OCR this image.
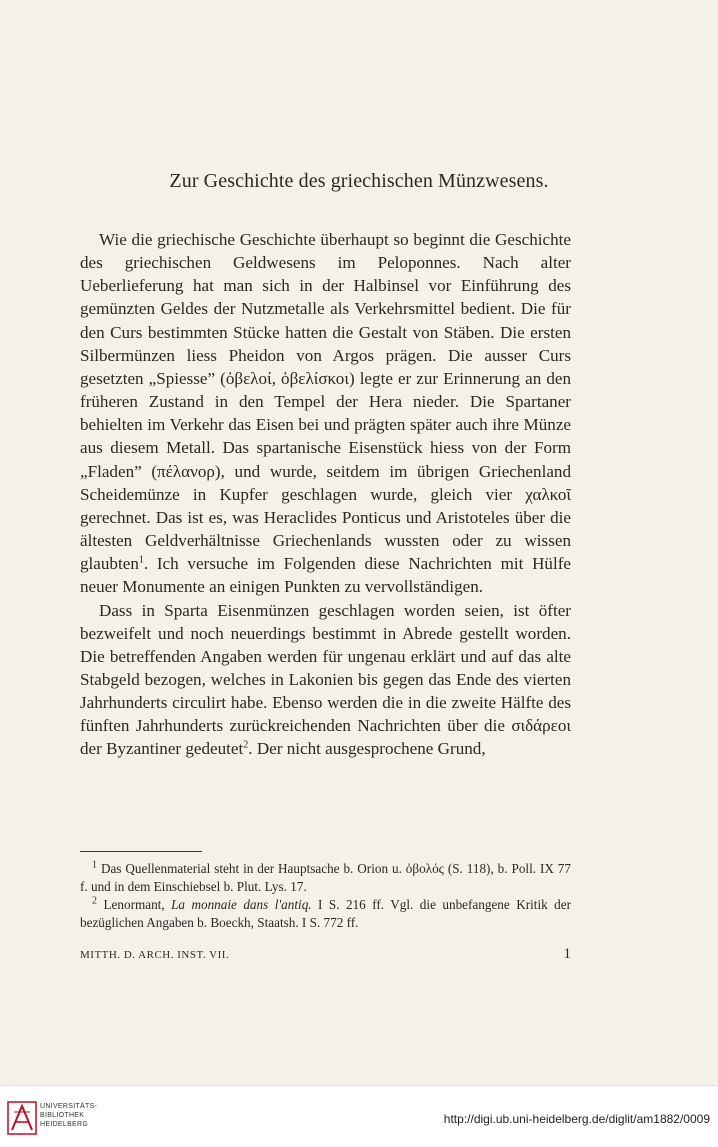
Zur Geschichte des griechischen Münzwesens.

Wie die griechische Geschichte überhaupt so beginnt die Geschichte des griechischen Geldwesens im Peloponnes. Nach alter Ueberlieferung hat man sich in der Halbinsel vor Einführung des gemünzten Geldes der Nutzmetalle als Verkehrsmittel bedient. Die für den Curs bestimmten Stücke hatten die Gestalt von Stäben. Die ersten Silbermünzen liess Pheidon von Argos prägen. Die ausser Curs gesetzten „Spiesse” (ὀβελοί, ὀβελίσκοι) legte er zur Erinnerung an den früheren Zustand in den Tempel der Hera nieder. Die Spartaner behielten im Verkehr das Eisen bei und prägten später auch ihre Münze aus diesem Metall. Das spartanische Eisenstück hiess von der Form „Fladen” (πέλανορ), und wurde, seitdem im übrigen Griechenland Scheidemünze in Kupfer geschlagen wurde, gleich vier χαλκοῖ gerechnet. Das ist es, was Heraclides Ponticus und Aristoteles über die ältesten Geldverhältnisse Griechenlands wussten oder zu wissen glaubten$^1$. Ich versuche im Folgenden diese Nachrichten mit Hülfe neuer Monumente an einigen Punkten zu vervollständigen.

Dass in Sparta Eisenmünzen geschlagen worden seien, ist öfter bezweifelt und noch neuerdings bestimmt in Abrede gestellt worden. Die betreffenden Angaben werden für ungenau erklärt und auf das alte Stabgeld bezogen, welches in Lakonien bis gegen das Ende des vierten Jahrhunderts circulirt habe. Ebenso werden die in die zweite Hälfte des fünften Jahrhunderts zurückreichenden Nachrichten über die σιδάρεοι der Byzantiner gedeutet$^2$. Der nicht ausgesprochene Grund,

$^1$ Das Quellenmaterial steht in der Hauptsache b. Orion u. ὀβολός (S. 118), b. Poll. IX 77 f. und in dem Einschiebsel b. Plut. Lys. 17.

$^2$ Lenormant, La monnaie dans l'antiq. I S. 216 ff. Vgl. die unbefangene Kritik der bezüglichen Angaben b. Boeckh, Staatsh. I S. 772 ff.

MITTH. D. ARCH. INST. VII.	1
UNIVERSITÄTS-
BIBLIOTHEK
HEIDELBERG	http://digi.ub.uni-heidelberg.de/diglit/am1882/0009
